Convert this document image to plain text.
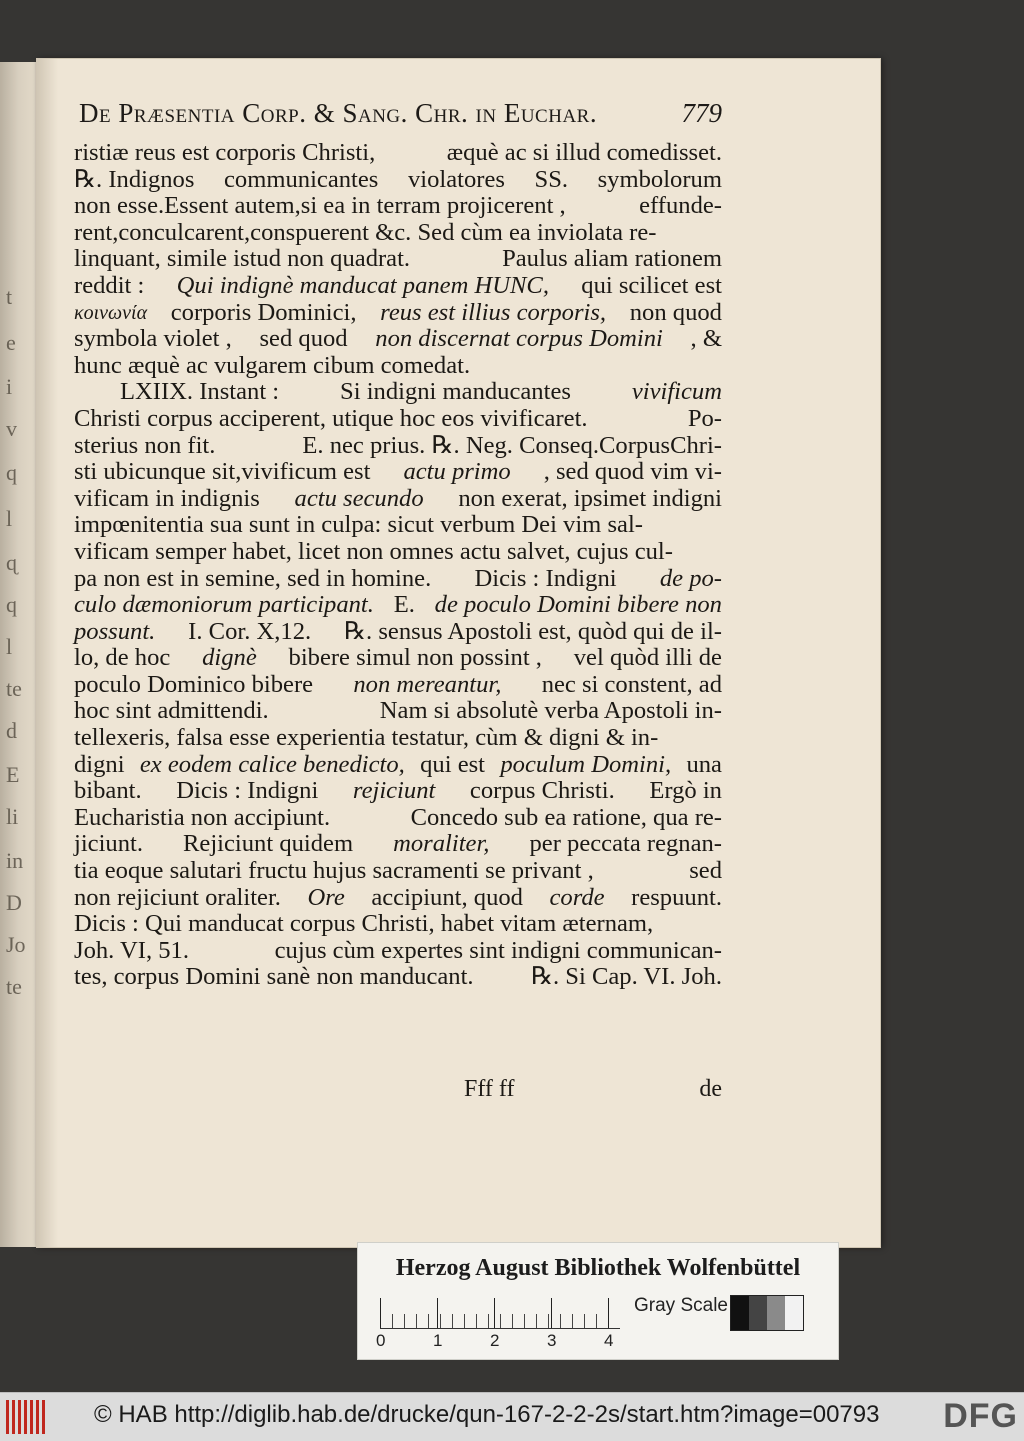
t
e
i
v
q
l
ɋ
q
l
te
d
E
li
in
D
Jo
te
De Præsentia Corp. & Sang. Chr. in Euchar.	779
ristiæ reus est corporis Christi,	æquè ac si illud comedisset.
℞. Indignos communicantes violatores SS. symbolorum
non esse.Essent autem,si ea in terram projicerent ,	effunde-
rent,conculcarent,conspuerent &c. Sed cùm ea inviolata re-
linquant, simile istud non quadrat.	Paulus aliam rationem
reddit : Qui indignè manducat panem HUNC, qui scilicet est
κοινωνία corporis Dominici, reus est illius corporis, non quod
symbola violet , sed quod non discernat corpus Domini , &
hunc æquè ac vulgarem cibum comedat.
LXIIX. Instant : Si indigni manducantes vivificum
Christi corpus acciperent, utique hoc eos vivificaret.	Po-
sterius non fit.	E. nec prius. ℞. Neg. Conseq.CorpusChri-
sti ubicunque sit,vivificum est actu primo , sed quod vim vi-
vificam in indignis actu secundo non exerat, ipsimet indigni
impœnitentia sua sunt in culpa: sicut verbum Dei vim sal-
vificam semper habet, licet non omnes actu salvet, cujus cul-
pa non est in semine, sed in homine. Dicis : Indigni de po-
culo dæmoniorum participant. E. de poculo Domini bibere non
possunt. I. Cor. X,12. ℞. sensus Apostoli est, quòd qui de il-
lo, de hoc dignè bibere simul non possint , vel quòd illi de
poculo Dominico bibere non mereantur, nec si constent, ad
hoc sint admittendi.	Nam si absolutè verba Apostoli in-
tellexeris, falsa esse experientia testatur, cùm & digni & in-
digni ex eodem calice benedicto, qui est poculum Domini, una
bibant. Dicis : Indigni rejiciunt corpus Christi. Ergò in
Eucharistia non accipiunt.	Concedo sub ea ratione, qua re-
jiciunt. Rejiciunt quidem moraliter, per peccata regnan-
tia eoque salutari fructu hujus sacramenti se privant ,	sed
non rejiciunt oraliter. Ore accipiunt, quod corde respuunt.
Dicis : Qui manducat corpus Christi, habet vitam æternam,
Joh. VI, 51.	cujus cùm expertes sint indigni communican-
tes, corpus Domini sanè non manducant. ℞. Si Cap. VI. Joh.
Fff ff	de
Herzog August Bibliothek Wolfenbüttel
0	1	2	3	4
Gray Scale
© HAB http://diglib.hab.de/drucke/qun-167-2-2-2s/start.htm?image=00793 DFG
